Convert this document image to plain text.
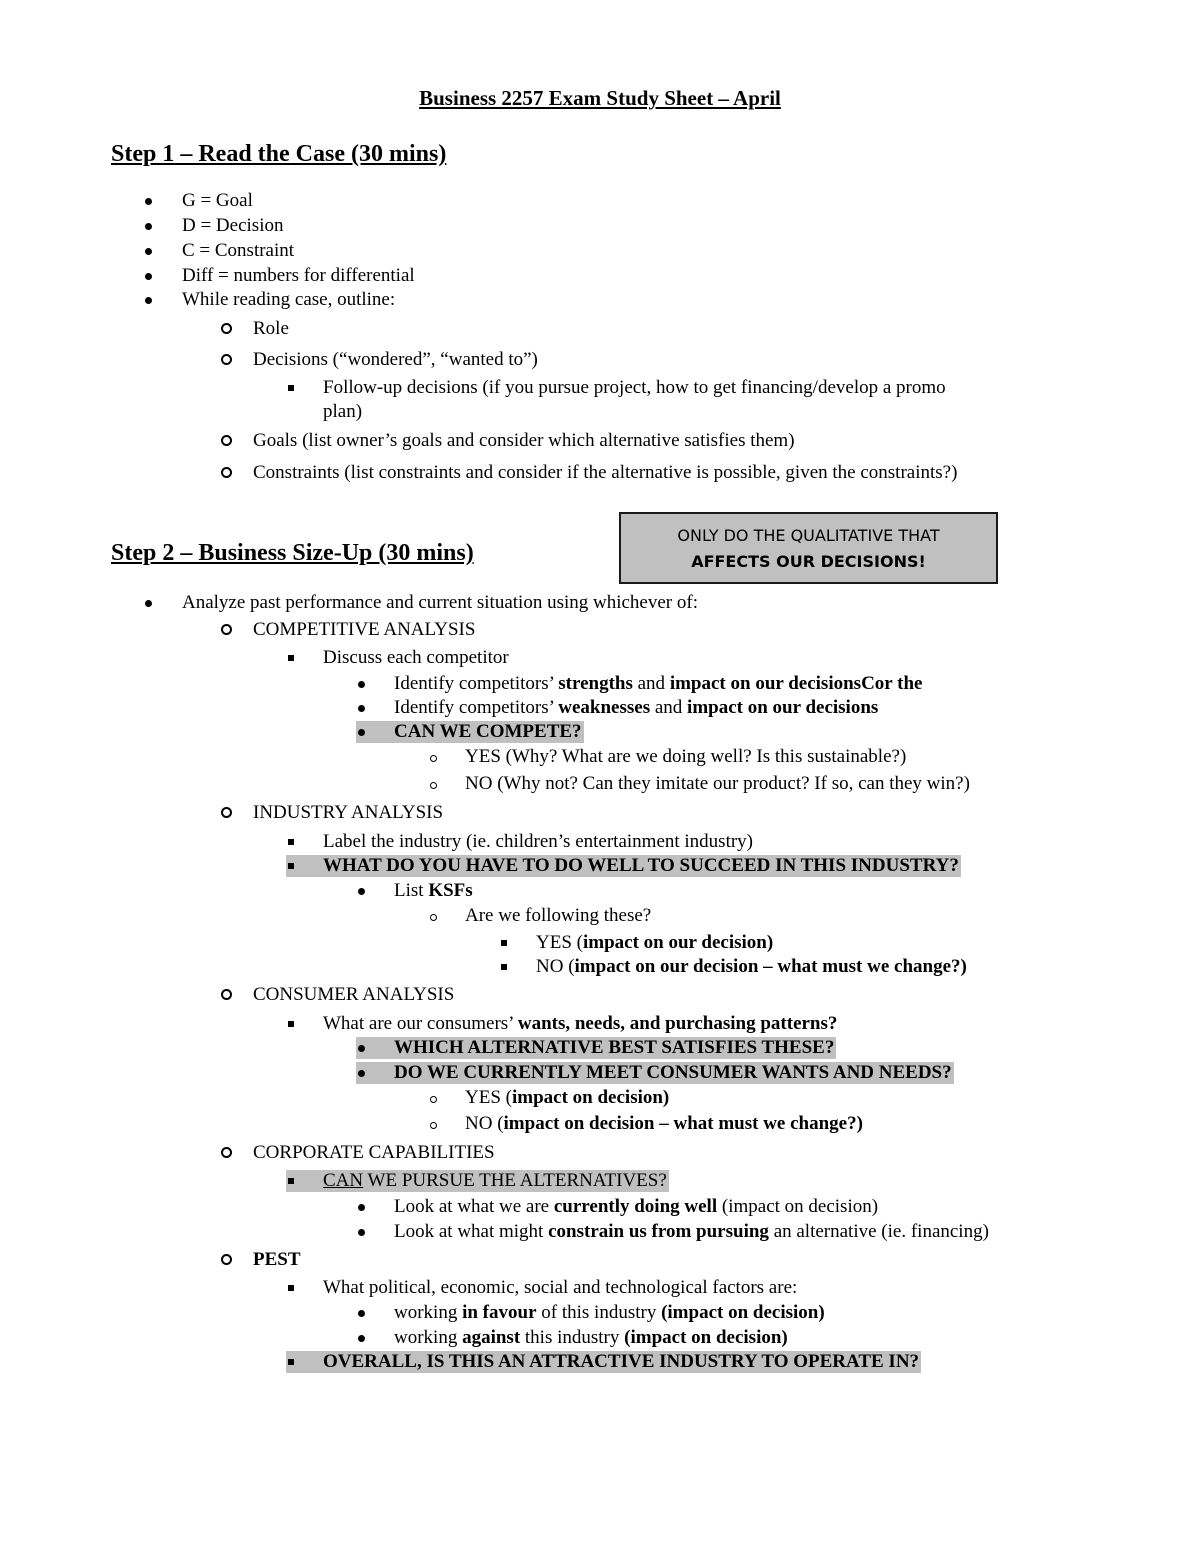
Business 2257 Exam Study Sheet – April
Step 1 – Read the Case (30 mins)
G = Goal
D = Decision
C = Constraint
Diff = numbers for differential
While reading case, outline:
Role
Decisions (“wondered”, “wanted to”)
Follow-up decisions (if you pursue project, how to get financing/develop a promo
plan)
Goals (list owner’s goals and consider which alternative satisfies them)
Constraints (list constraints and consider if the alternative is possible, given the constraints?)
ONLY DO THE QUALITATIVE THAT
AFFECTS OUR DECISIONS!
Step 2 – Business Size-Up (30 mins)
Analyze past performance and current situation using whichever of:
COMPETITIVE ANALYSIS
Discuss each competitor
Identify competitors’ strengths and impact on our decisionsCor the
Identify competitors’ weaknesses and impact on our decisions
CAN WE COMPETE?
YES (Why? What are we doing well? Is this sustainable?)
NO (Why not? Can they imitate our product? If so, can they win?)
INDUSTRY ANALYSIS
Label the industry (ie. children’s entertainment industry)
WHAT DO YOU HAVE TO DO WELL TO SUCCEED IN THIS INDUSTRY?
List KSFs
Are we following these?
YES (impact on our decision)
NO (impact on our decision – what must we change?)
CONSUMER ANALYSIS
What are our consumers’ wants, needs, and purchasing patterns?
WHICH ALTERNATIVE BEST SATISFIES THESE?
DO WE CURRENTLY MEET CONSUMER WANTS AND NEEDS?
YES (impact on decision)
NO (impact on decision – what must we change?)
CORPORATE CAPABILITIES
CAN WE PURSUE THE ALTERNATIVES?
Look at what we are currently doing well (impact on decision)
Look at what might constrain us from pursuing an alternative (ie. financing)
PEST
What political, economic, social and technological factors are:
working in favour of this industry (impact on decision)
working against this industry (impact on decision)
OVERALL, IS THIS AN ATTRACTIVE INDUSTRY TO OPERATE IN?
